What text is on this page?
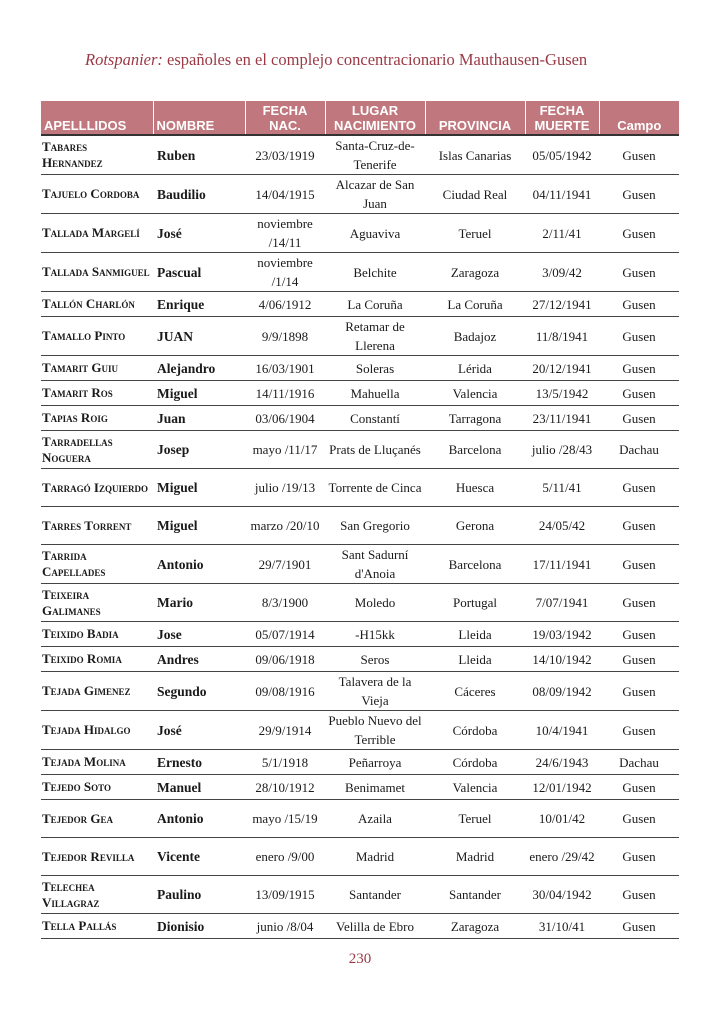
Rotspanier: españoles en el complejo concentracionario Mauthausen-Gusen
APELLLIDOS	NOMBRE	FECHA NAC.	LUGAR NACIMIENTO	PROVINCIA	FECHA MUERTE	Campo
Tabares Hernandez	Ruben	23/03/1919	Santa-Cruz-de-Tenerife	Islas Canarias	05/05/1942	Gusen
Tajuelo Cordoba	Baudilio	14/04/1915	Alcazar de San Juan	Ciudad Real	04/11/1941	Gusen
Tallada Margelí	José	noviembre /14/11	Aguaviva	Teruel	2/11/41	Gusen
Tallada Sanmiguel	Pascual	noviembre /1/14	Belchite	Zaragoza	3/09/42	Gusen
Tallón Charlón	Enrique	4/06/1912	La Coruña	La Coruña	27/12/1941	Gusen
Tamallo Pinto	JUAN	9/9/1898	Retamar de Llerena	Badajoz	11/8/1941	Gusen
Tamarit Guiu	Alejandro	16/03/1901	Soleras	Lérida	20/12/1941	Gusen
Tamarit Ros	Miguel	14/11/1916	Mahuella	Valencia	13/5/1942	Gusen
Tapias Roig	Juan	03/06/1904	Constantí	Tarragona	23/11/1941	Gusen
Tarradellas Noguera	Josep	mayo /11/17	Prats de Lluçanés	Barcelona	julio /28/43	Dachau
Tarragó Izquierdo	Miguel	julio /19/13	Torrente de Cinca	Huesca	5/11/41	Gusen
Tarres Torrent	Miguel	marzo /20/10	San Gregorio	Gerona	24/05/42	Gusen
Tarrida Capellades	Antonio	29/7/1901	Sant Sadurní d'Anoia	Barcelona	17/11/1941	Gusen
Teixeira Galimanes	Mario	8/3/1900	Moledo	Portugal	7/07/1941	Gusen
Teixido Badia	Jose	05/07/1914	-H15kk	Lleida	19/03/1942	Gusen
Teixido Romia	Andres	09/06/1918	Seros	Lleida	14/10/1942	Gusen
Tejada Gimenez	Segundo	09/08/1916	Talavera de la Vieja	Cáceres	08/09/1942	Gusen
Tejada Hidalgo	José	29/9/1914	Pueblo Nuevo del Terrible	Córdoba	10/4/1941	Gusen
Tejada Molina	Ernesto	5/1/1918	Peñarroya	Córdoba	24/6/1943	Dachau
Tejedo Soto	Manuel	28/10/1912	Benimamet	Valencia	12/01/1942	Gusen
Tejedor Gea	Antonio	mayo /15/19	Azaila	Teruel	10/01/42	Gusen
Tejedor Revilla	Vicente	enero /9/00	Madrid	Madrid	enero /29/42	Gusen
Telechea Villagraz	Paulino	13/09/1915	Santander	Santander	30/04/1942	Gusen
Tella Pallás	Dionisio	junio /8/04	Velilla de Ebro	Zaragoza	31/10/41	Gusen
230
